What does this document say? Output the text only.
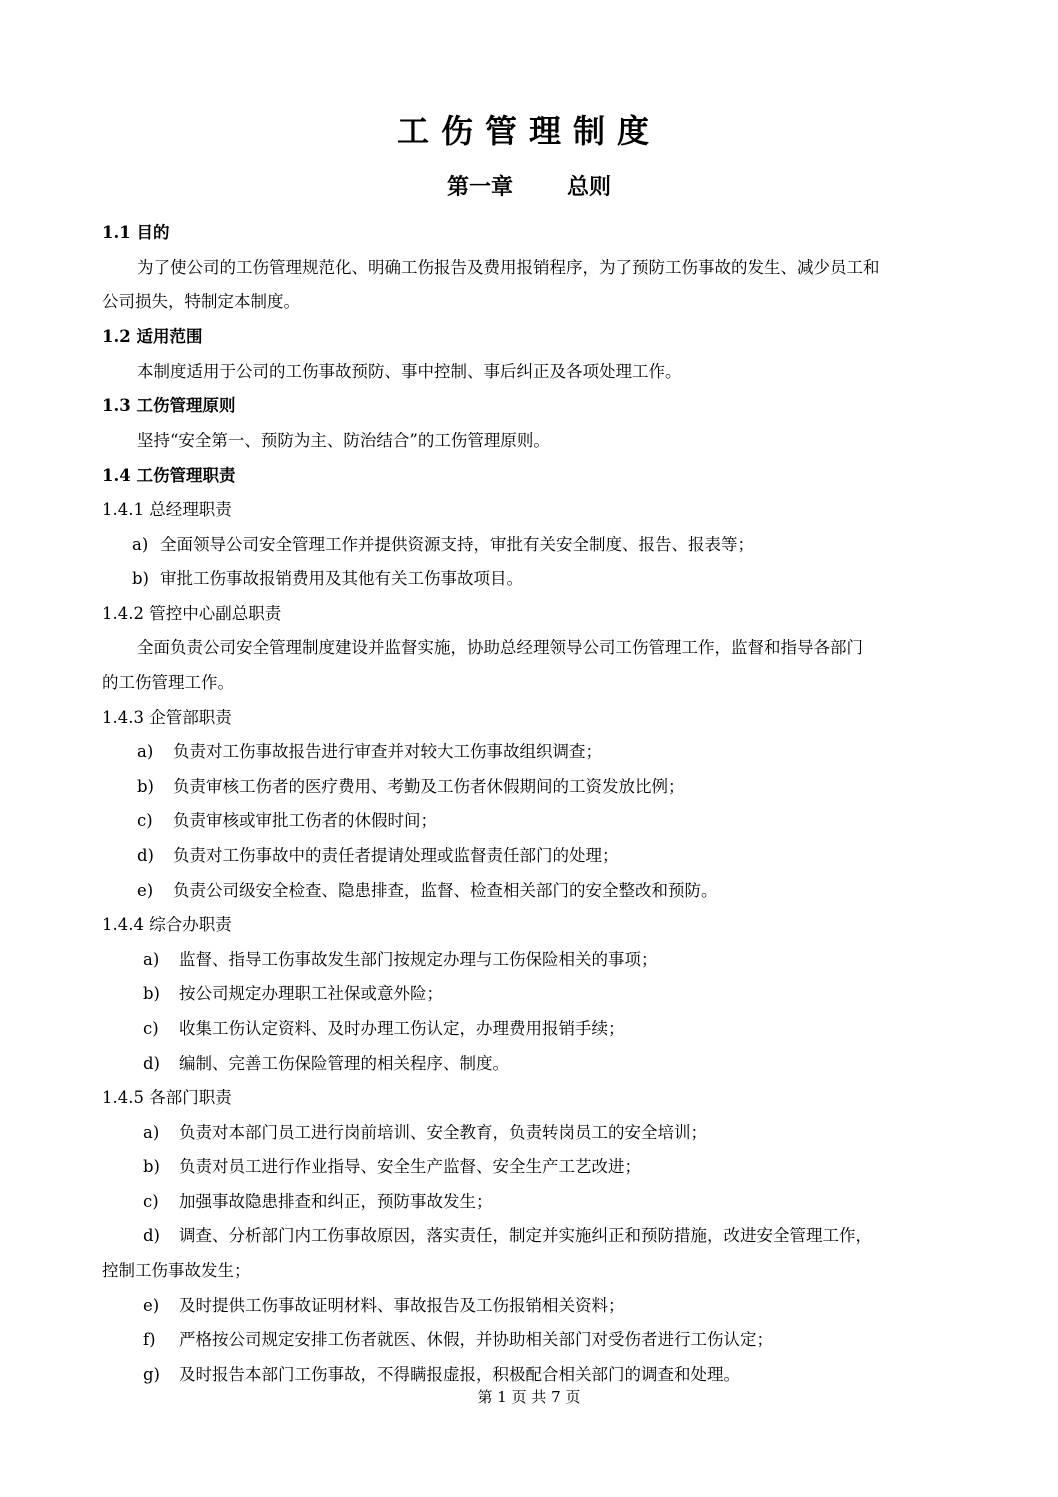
工伤管理制度
第一章 总则
1.1 目的
为了使公司的工伤管理规范化、明确工伤报告及费用报销程序，为了预防工伤事故的发生、减少员工和
公司损失，特制定本制度。
1.2 适用范围
本制度适用于公司的工伤事故预防、事中控制、事后纠正及各项处理工作。
1.3 工伤管理原则
坚持“安全第一、预防为主、防治结合”的工伤管理原则。
1.4 工伤管理职责
1.4.1 总经理职责
a) 全面领导公司安全管理工作并提供资源支持，审批有关安全制度、报告、报表等；
b) 审批工伤事故报销费用及其他有关工伤事故项目。
1.4.2 管控中心副总职责
全面负责公司安全管理制度建设并监督实施，协助总经理领导公司工伤管理工作，监督和指导各部门
的工伤管理工作。
1.4.3 企管部职责
a) 负责对工伤事故报告进行审查并对较大工伤事故组织调查；
b) 负责审核工伤者的医疗费用、考勤及工伤者休假期间的工资发放比例；
c) 负责审核或审批工伤者的休假时间；
d) 负责对工伤事故中的责任者提请处理或监督责任部门的处理；
e) 负责公司级安全检查、隐患排查，监督、检查相关部门的安全整改和预防。
1.4.4 综合办职责
a) 监督、指导工伤事故发生部门按规定办理与工伤保险相关的事项；
b) 按公司规定办理职工社保或意外险；
c) 收集工伤认定资料、及时办理工伤认定，办理费用报销手续；
d) 编制、完善工伤保险管理的相关程序、制度。
1.4.5 各部门职责
a) 负责对本部门员工进行岗前培训、安全教育，负责转岗员工的安全培训；
b) 负责对员工进行作业指导、安全生产监督、安全生产工艺改进；
c) 加强事故隐患排查和纠正，预防事故发生；
d) 调查、分析部门内工伤事故原因，落实责任，制定并实施纠正和预防措施，改进安全管理工作，
控制工伤事故发生；
e) 及时提供工伤事故证明材料、事故报告及工伤报销相关资料；
f) 严格按公司规定安排工伤者就医、休假，并协助相关部门对受伤者进行工伤认定；
g) 及时报告本部门工伤事故，不得瞒报虚报，积极配合相关部门的调查和处理。
第 1 页 共 7 页
